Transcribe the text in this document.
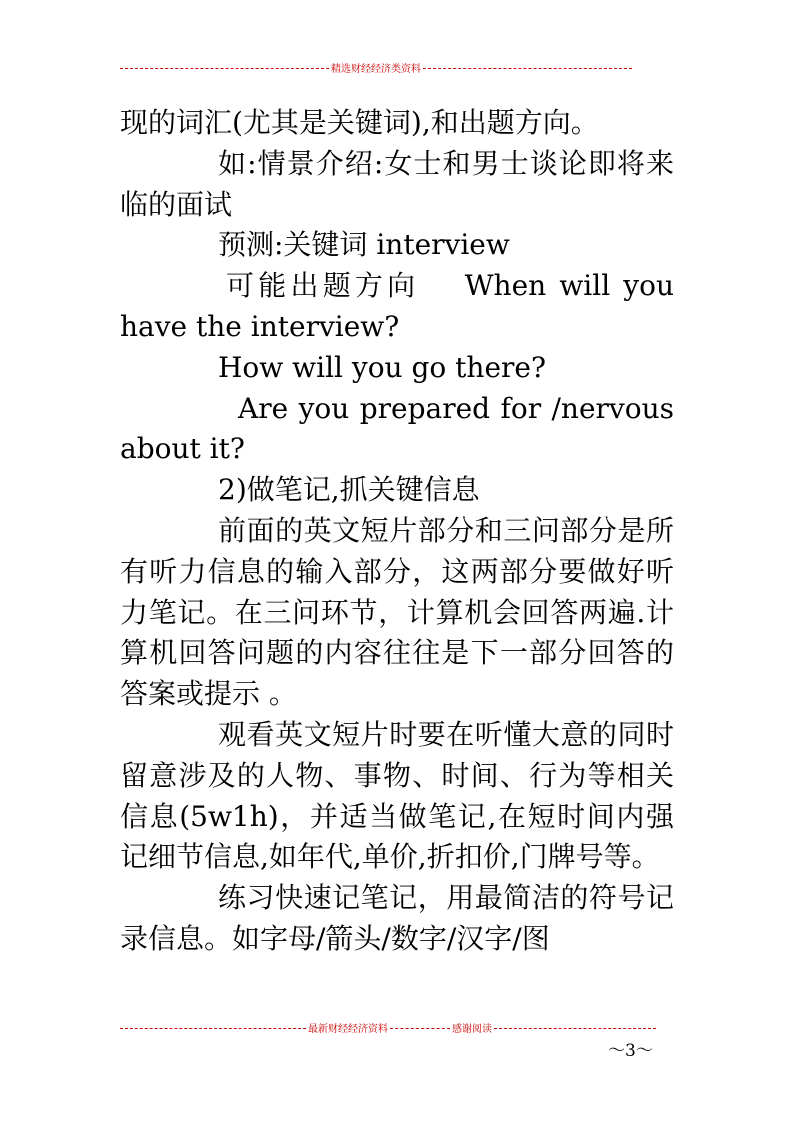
精选财经经济类资料

现的词汇(尤其是关键词),和出题方向。

如:情景介绍:女士和男士谈论即将来临的面试

预测:关键词 interview

可能出题方向　 When will you

have the interview?

How will you go there?

Are you prepared for /nervous

about it?

2)做笔记,抓关键信息

前面的英文短片部分和三问部分是所有听力信息的输入部分，这两部分要做好听力笔记。在三问环节，计算机会回答两遍.计算机回答问题的内容往往是下一部分回答的答案或提示 。

观看英文短片时要在听懂大意的同时 留意涉及的人物、事物、时间、行为等相关信息(5w1h)，并适当做笔记,在短时间内强记细节信息,如年代,单价,折扣价,门牌号等。

练习快速记笔记，用最简洁的符号记录信息。如字母/箭头/数字/汉字/图

最新财经经济资料	感谢阅读
～3～
